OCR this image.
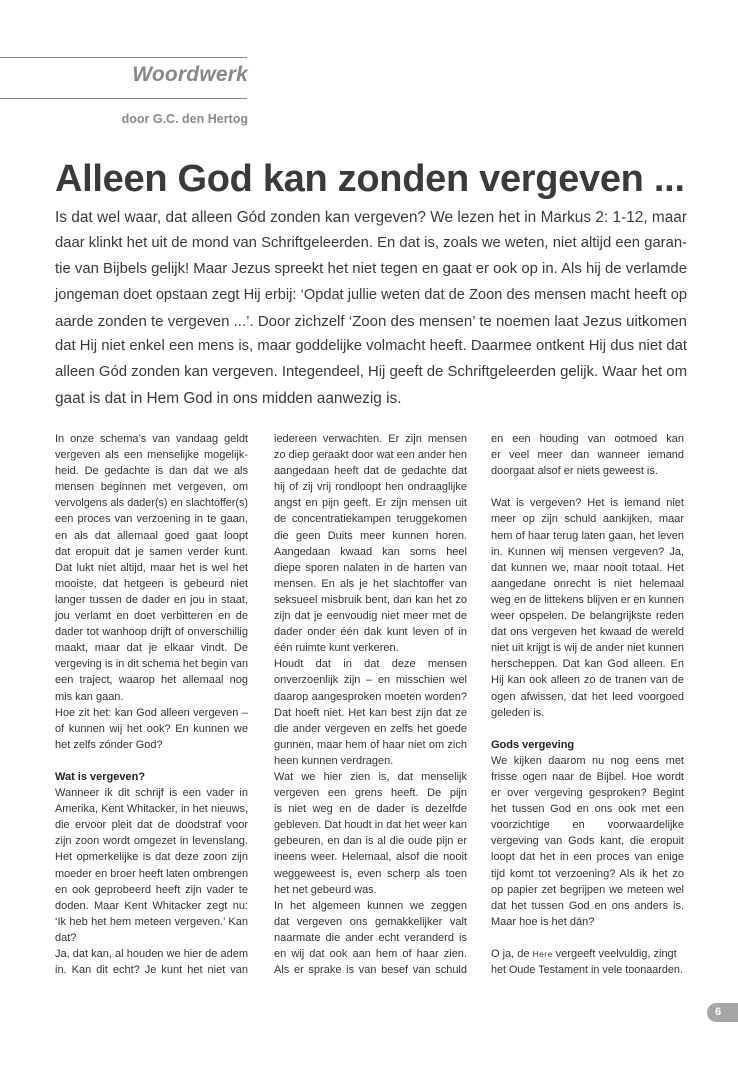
Woordwerk
door G.C. den Hertog
Alleen God kan zonden vergeven ...
Is dat wel waar, dat alleen Gód zonden kan vergeven? We lezen het in Markus 2: 1-12, maar
daar klinkt het uit de mond van Schriftgeleerden. En dat is, zoals we weten, niet altijd een garan-
tie van Bijbels gelijk! Maar Jezus spreekt het niet tegen en gaat er ook op in. Als hij de verlamde
jongeman doet opstaan zegt Hij erbij: ‘Opdat jullie weten dat de Zoon des mensen macht heeft op
aarde zonden te vergeven ...’. Door zichzelf ‘Zoon des mensen’ te noemen laat Jezus uitkomen
dat Hij niet enkel een mens is, maar goddelijke volmacht heeft. Daarmee ontkent Hij dus niet dat
alleen Gód zonden kan vergeven. Integendeel, Hij geeft de Schriftgeleerden gelijk. Waar het om
gaat is dat in Hem God in ons midden aanwezig is.
In onze schema’s van vandaag geldt
vergeven als een menselijke mogelijk-
heid. De gedachte is dan dat we als
mensen beginnen met vergeven, om
vervolgens als dader(s) en slachtoffer(s)
een proces van verzoening in te gaan,
en als dat allemaal goed gaat loopt
dat eropuit dat je samen verder kunt.
Dat lukt niet altijd, maar het is wel het
mooiste, dat hetgeen is gebeurd niet
langer tussen de dader en jou in staat,
jou verlamt en doet verbitteren en de
dader tot wanhoop drijft of onverschillig
maakt, maar dat je elkaar vindt. De
vergeving is in dit schema het begin van
een traject, waarop het allemaal nog
mis kan gaan.
Hoe zit het: kan God alleen vergeven –
of kunnen wij het ook? En kunnen we
het zelfs zónder God?
Wat is vergeven?
Wanneer ik dit schrijf is een vader in
Amerika, Kent Whitacker, in het nieuws,
die ervoor pleit dat de doodstraf voor
zijn zoon wordt omgezet in levenslang.
Het opmerkelijke is dat deze zoon zijn
moeder en broer heeft laten ombrengen
en ook geprobeerd heeft zijn vader te
doden. Maar Kent Whitacker zegt nu:
‘Ik heb het hem meteen vergeven.’ Kan
dat?
Ja, dat kan, al houden we hier de adem
in. Kan dit echt? Je kunt het niet van
iedereen verwachten. Er zijn mensen
zo diep geraakt door wat een ander hen
aangedaan heeft dat de gedachte dat
hij of zij vrij rondloopt hen ondraaglijke
angst en pijn geeft. Er zijn mensen uit
de concentratiekampen teruggekomen
die geen Duits meer kunnen horen.
Aangedaan kwaad kan soms heel
diepe sporen nalaten in de harten van
mensen. En als je het slachtoffer van
seksueel misbruik bent, dan kan het zo
zijn dat je eenvoudig niet meer met de
dader onder één dak kunt leven of in
één ruimte kunt verkeren.
Houdt dat in dat deze mensen
onverzoenlijk zijn – en misschien wel
daarop aangesproken moeten worden?
Dat hoeft niet. Het kan best zijn dat ze
die ander vergeven en zelfs het goede
gunnen, maar hem of haar niet om zich
heen kunnen verdragen.
Wat we hier zien is, dat menselijk
vergeven een grens heeft. De pijn
is niet weg en de dader is dezelfde
gebleven. Dat houdt in dat het weer kan
gebeuren, en dan is al die oude pijn er
ineens weer. Helemaal, alsof die nooit
weggeweest is, even scherp als toen
het net gebeurd was.
In het algemeen kunnen we zeggen
dat vergeven ons gemakkelijker valt
naarmate die ander echt veranderd is
en wij dat ook aan hem of haar zien.
Als er sprake is van besef van schuld
en een houding van ootmoed kan
er veel meer dan wanneer iemand
doorgaat alsof er niets geweest is.
Wat is vergeven? Het is iemand niet
meer op zijn schuld aankijken, maar
hem of haar terug laten gaan, het leven
in. Kunnen wij mensen vergeven? Ja,
dat kunnen we, maar nooit totaal. Het
aangedane onrecht is niet helemaal
weg en de littekens blijven er en kunnen
weer opspelen. De belangrijkste reden
dat ons vergeven het kwaad de wereld
niet uit krijgt is wij de ander niet kunnen
herscheppen. Dat kan God alleen. En
Hij kan ook alleen zo de tranen van de
ogen afwissen, dat het leed voorgoed
geleden is.
Gods vergeving
We kijken daarom nu nog eens met
frisse ogen naar de Bijbel. Hoe wordt
er over vergeving gesproken? Begint
het tussen God en ons ook met een
voorzichtige en voorwaardelijke
vergeving van Gods kant, die eropuit
loopt dat het in een proces van enige
tijd komt tot verzoening? Als ik het zo
op papier zet begrijpen we meteen wel
dat het tussen God en ons anders is.
Maar hoe is het dán?
O ja, de Here vergeeft veelvuldig, zingt
het Oude Testament in vele toonaarden.
6
